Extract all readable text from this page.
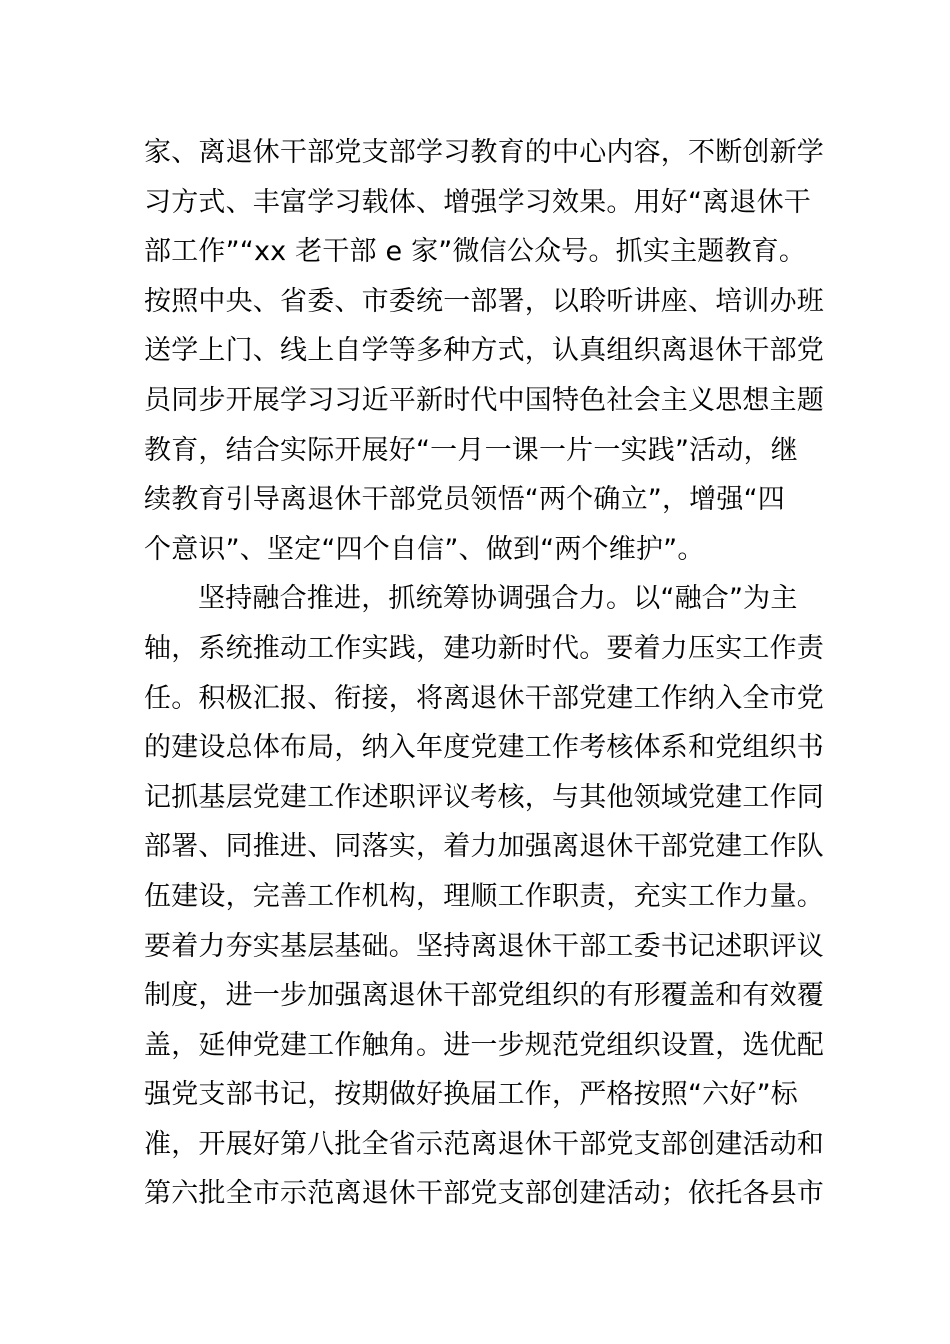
家、离退休干部党支部学习教育的中心内容，不断创新学
习方式、丰富学习载体、增强学习效果。用好“离退休干
部工作”“xx 老干部 e 家”微信公众号。抓实主题教育。
按照中央、省委、市委统一部署，以聆听讲座、培训办班
送学上门、线上自学等多种方式，认真组织离退休干部党
员同步开展学习习近平新时代中国特色社会主义思想主题
教育，结合实际开展好“一月一课一片一实践”活动，继
续教育引导离退休干部党员领悟“两个确立”，增强“四
个意识”、坚定“四个自信”、做到“两个维护”。
坚持融合推进，抓统筹协调强合力。以“融合”为主
轴，系统推动工作实践，建功新时代。要着力压实工作责
任。积极汇报、衔接，将离退休干部党建工作纳入全市党
的建设总体布局，纳入年度党建工作考核体系和党组织书
记抓基层党建工作述职评议考核，与其他领域党建工作同
部署、同推进、同落实，着力加强离退休干部党建工作队
伍建设，完善工作机构，理顺工作职责，充实工作力量。
要着力夯实基层基础。坚持离退休干部工委书记述职评议
制度，进一步加强离退休干部党组织的有形覆盖和有效覆
盖，延伸党建工作触角。进一步规范党组织设置，选优配
强党支部书记，按期做好换届工作，严格按照“六好”标
准，开展好第八批全省示范离退休干部党支部创建活动和
第六批全市示范离退休干部党支部创建活动；依托各县市
